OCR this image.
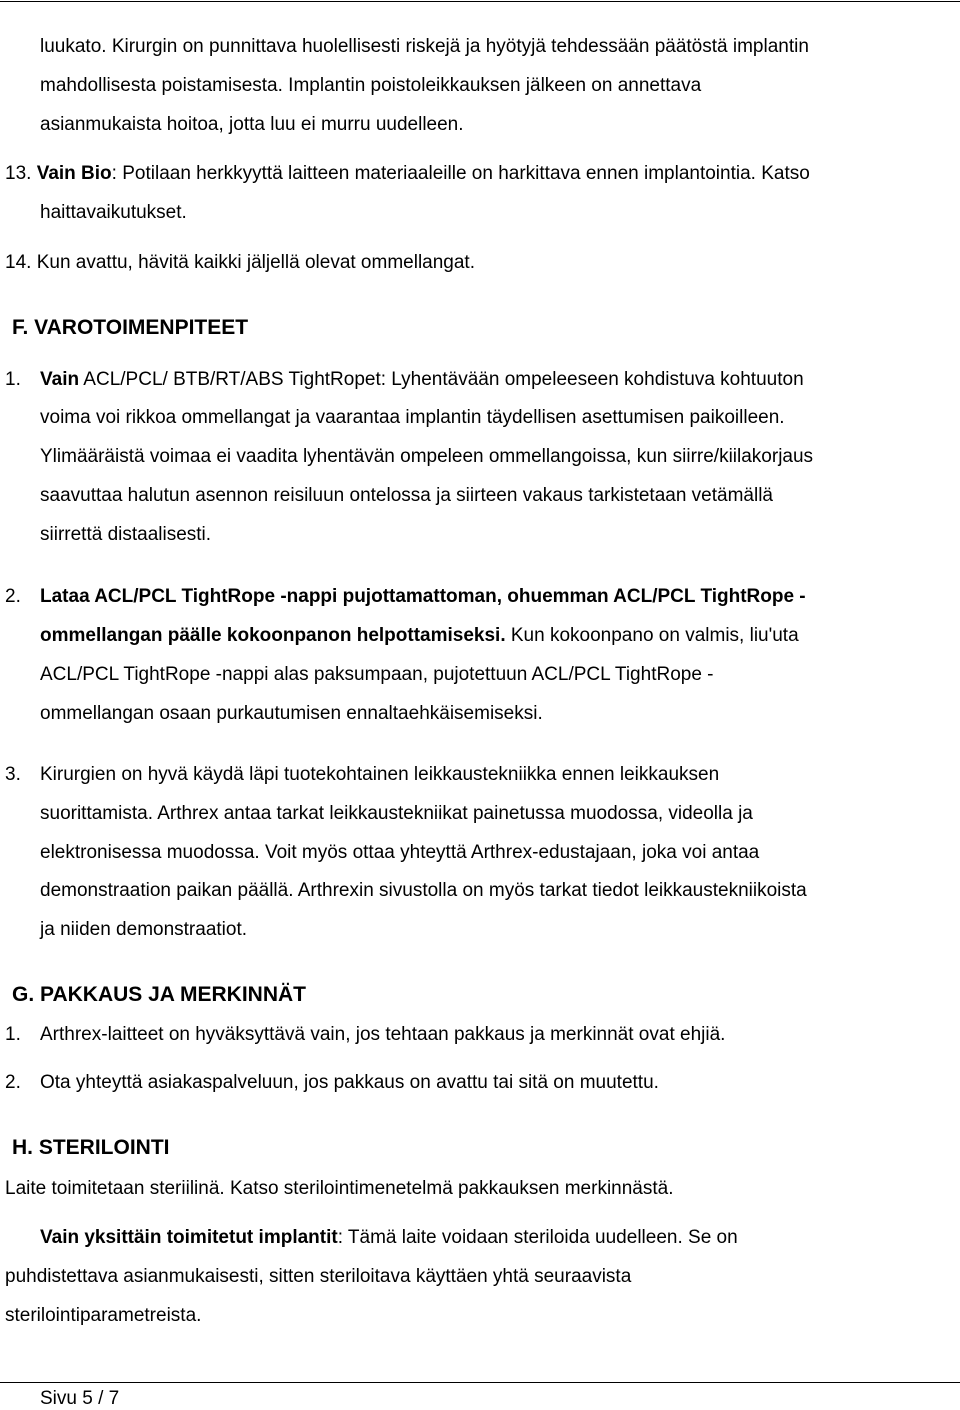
luukato. Kirurgin on punnittava huolellisesti riskejä ja hyötyjä tehdessään päätöstä implantin
mahdollisesta poistamisesta. Implantin poistoleikkauksen jälkeen on annettava
asianmukaista hoitoa, jotta luu ei murru uudelleen.
13. Vain Bio: Potilaan herkkyyttä laitteen materiaaleille on harkittava ennen implantointia. Katso
haittavaikutukset.
14. Kun avattu, hävitä kaikki jäljellä olevat ommellangat.
F. VAROTOIMENPITEET
1. Vain ACL/PCL/ BTB/RT/ABS TightRopet: Lyhentävään ompeleeseen kohdistuva kohtuuton
voima voi rikkoa ommellangat ja vaarantaa implantin täydellisen asettumisen paikoilleen.
Ylimääräistä voimaa ei vaadita lyhentävän ompeleen ommellangoissa, kun siirre/kiilakorjaus
saavuttaa halutun asennon reisiluun ontelossa ja siirteen vakaus tarkistetaan vetämällä
siirrettä distaalisesti.
2. Lataa ACL/PCL TightRope -nappi pujottamattoman, ohuemman ACL/PCL TightRope -
ommellangan päälle kokoonpanon helpottamiseksi. Kun kokoonpano on valmis, liu'uta
ACL/PCL TightRope -nappi alas paksumpaan, pujotettuun ACL/PCL TightRope -
ommellangan osaan purkautumisen ennaltaehkäisemiseksi.
3. Kirurgien on hyvä käydä läpi tuotekohtainen leikkaustekniikka ennen leikkauksen
suorittamista. Arthrex antaa tarkat leikkaustekniikat painetussa muodossa, videolla ja
elektronisessa muodossa. Voit myös ottaa yhteyttä Arthrex-edustajaan, joka voi antaa
demonstraation paikan päällä. Arthrexin sivustolla on myös tarkat tiedot leikkaustekniikoista
ja niiden demonstraatiot.
G. PAKKAUS JA MERKINNÄT
1. Arthrex-laitteet on hyväksyttävä vain, jos tehtaan pakkaus ja merkinnät ovat ehjiä.
2. Ota yhteyttä asiakaspalveluun, jos pakkaus on avattu tai sitä on muutettu.
H. STERILOINTI
Laite toimitetaan steriilinä. Katso sterilointimenetelmä pakkauksen merkinnästä.
Vain yksittäin toimitetut implantit: Tämä laite voidaan steriloida uudelleen. Se on
puhdistettava asianmukaisesti, sitten steriloitava käyttäen yhtä seuraavista
sterilointiparametreista.
Sivu 5 / 7
